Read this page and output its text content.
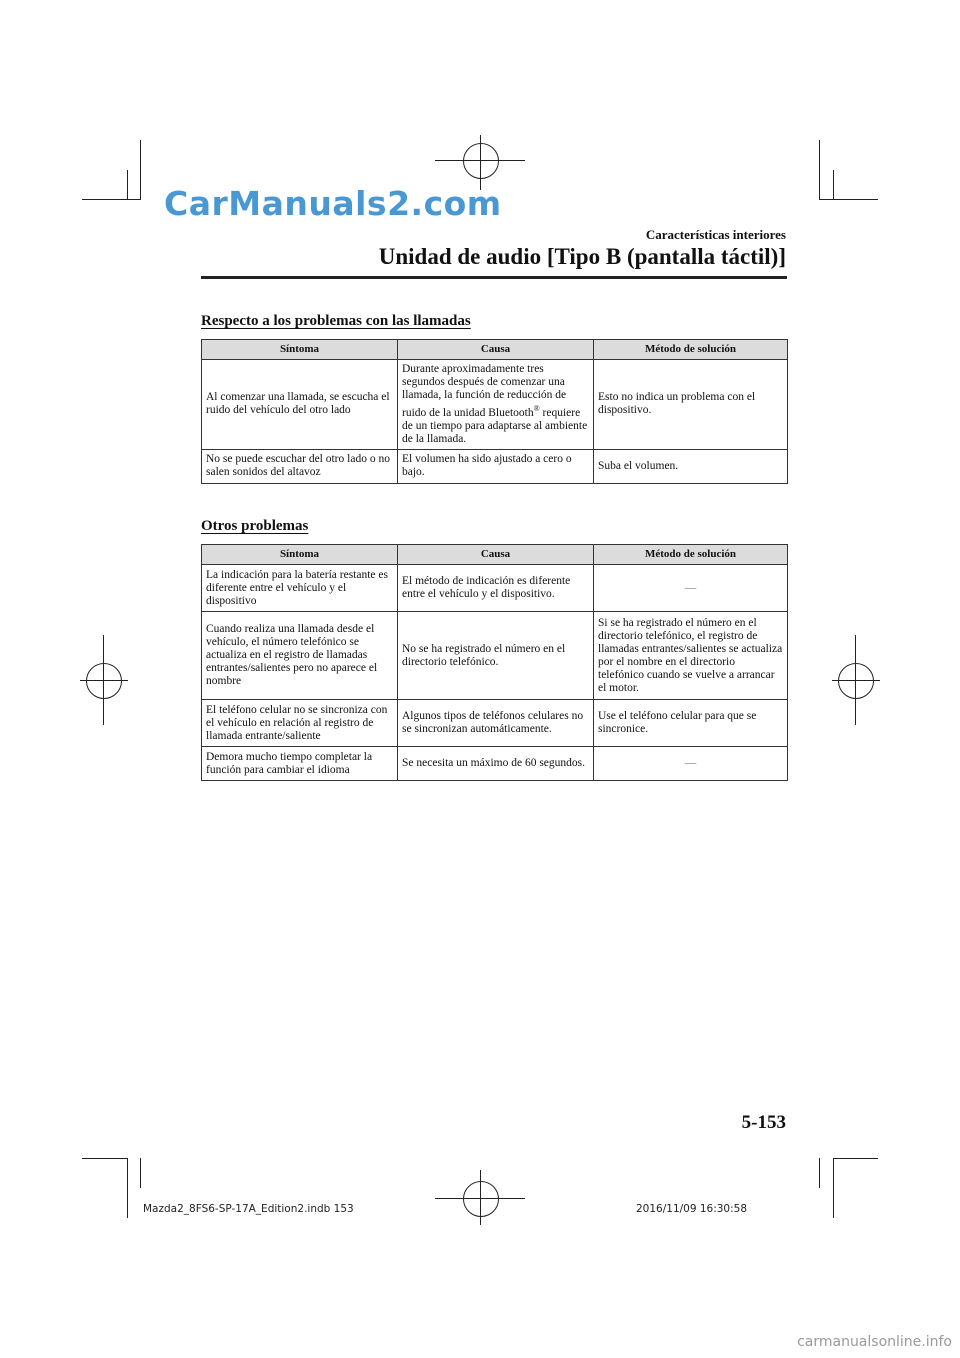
CarManuals2.com
Características interiores
Unidad de audio [Tipo B (pantalla táctil)]
Respecto a los problemas con las llamadas
Síntoma	Causa	Método de solución
Al comenzar una llamada, se escucha el ruido del vehículo del otro lado	Durante aproximadamente tres segundos después de comenzar una llamada, la función de reducción de ruido de la unidad Bluetooth® requiere de un tiempo para adaptarse al ambiente de la llamada.	Esto no indica un problema con el dispositivo.
No se puede escuchar del otro lado o no salen sonidos del altavoz	El volumen ha sido ajustado a cero o bajo.	Suba el volumen.
Otros problemas
Síntoma	Causa	Método de solución
La indicación para la batería restante es diferente entre el vehículo y el dispositivo	El método de indicación es diferente entre el vehículo y el dispositivo.	—
Cuando realiza una llamada desde el vehículo, el número telefónico se actualiza en el registro de llamadas entrantes/salientes pero no aparece el nombre	No se ha registrado el número en el directorio telefónico.	Si se ha registrado el número en el directorio telefónico, el registro de llamadas entrantes/salientes se actualiza por el nombre en el directorio telefónico cuando se vuelve a arrancar el motor.
El teléfono celular no se sincroniza con el vehículo en relación al registro de llamada entrante/saliente	Algunos tipos de teléfonos celulares no se sincronizan automáticamente.	Use el teléfono celular para que se sincronice.
Demora mucho tiempo completar la función para cambiar el idioma	Se necesita un máximo de 60 segundos.	—
5-153
Mazda2_8FS6-SP-17A_Edition2.indb 153	2016/11/09 16:30:58
carmanualsonline.info
